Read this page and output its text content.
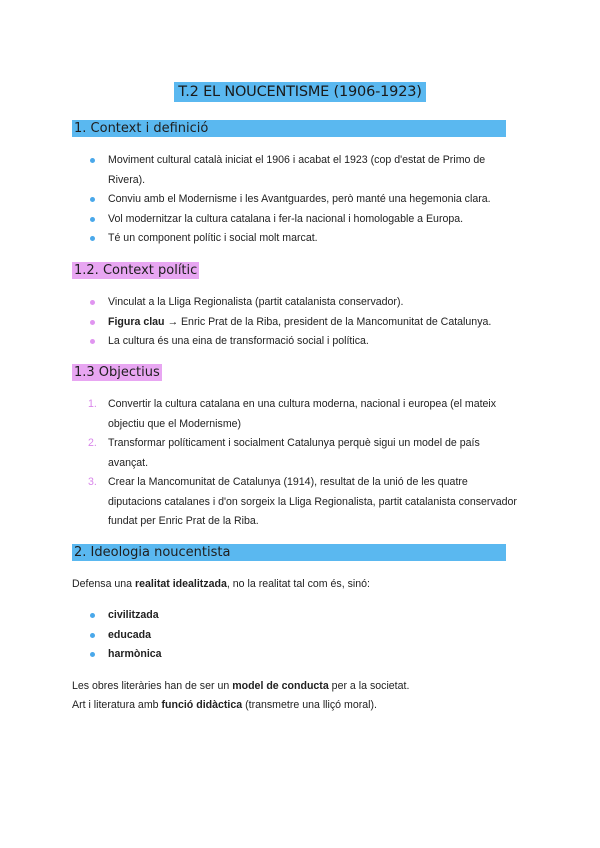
T.2 EL NOUCENTISME (1906-1923)
1. Context i definició
Moviment cultural català iniciat el 1906 i acabat el 1923 (cop d'estat de Primo de Rivera).
Conviu amb el Modernisme i les Avantguardes, però manté una hegemonia clara.
Vol modernitzar la cultura catalana i fer-la nacional i homologable a Europa.
Té un component polític i social molt marcat.
1.2. Context polític
Vinculat a la Lliga Regionalista (partit catalanista conservador).
Figura clau → Enric Prat de la Riba, president de la Mancomunitat de Catalunya.
La cultura és una eina de transformació social i política.
1.3 Objectius
1. Convertir la cultura catalana en una cultura moderna, nacional i europea (el mateix objectiu que el Modernisme)
2. Transformar políticament i socialment Catalunya perquè sigui un model de país avançat.
3. Crear la Mancomunitat de Catalunya (1914), resultat de la unió de les quatre diputacions catalanes i d'on sorgeix la Lliga Regionalista, partit catalanista conservador fundat per Enric Prat de la Riba.
2. Ideologia noucentista

Defensa una realitat idealitzada, no la realitat tal com és, sinó:

civilitzada
educada
harmònica
Les obres literàries han de ser un model de conducta per a la societat.
Art i literatura amb funció didàctica (transmetre una lliçó moral).
